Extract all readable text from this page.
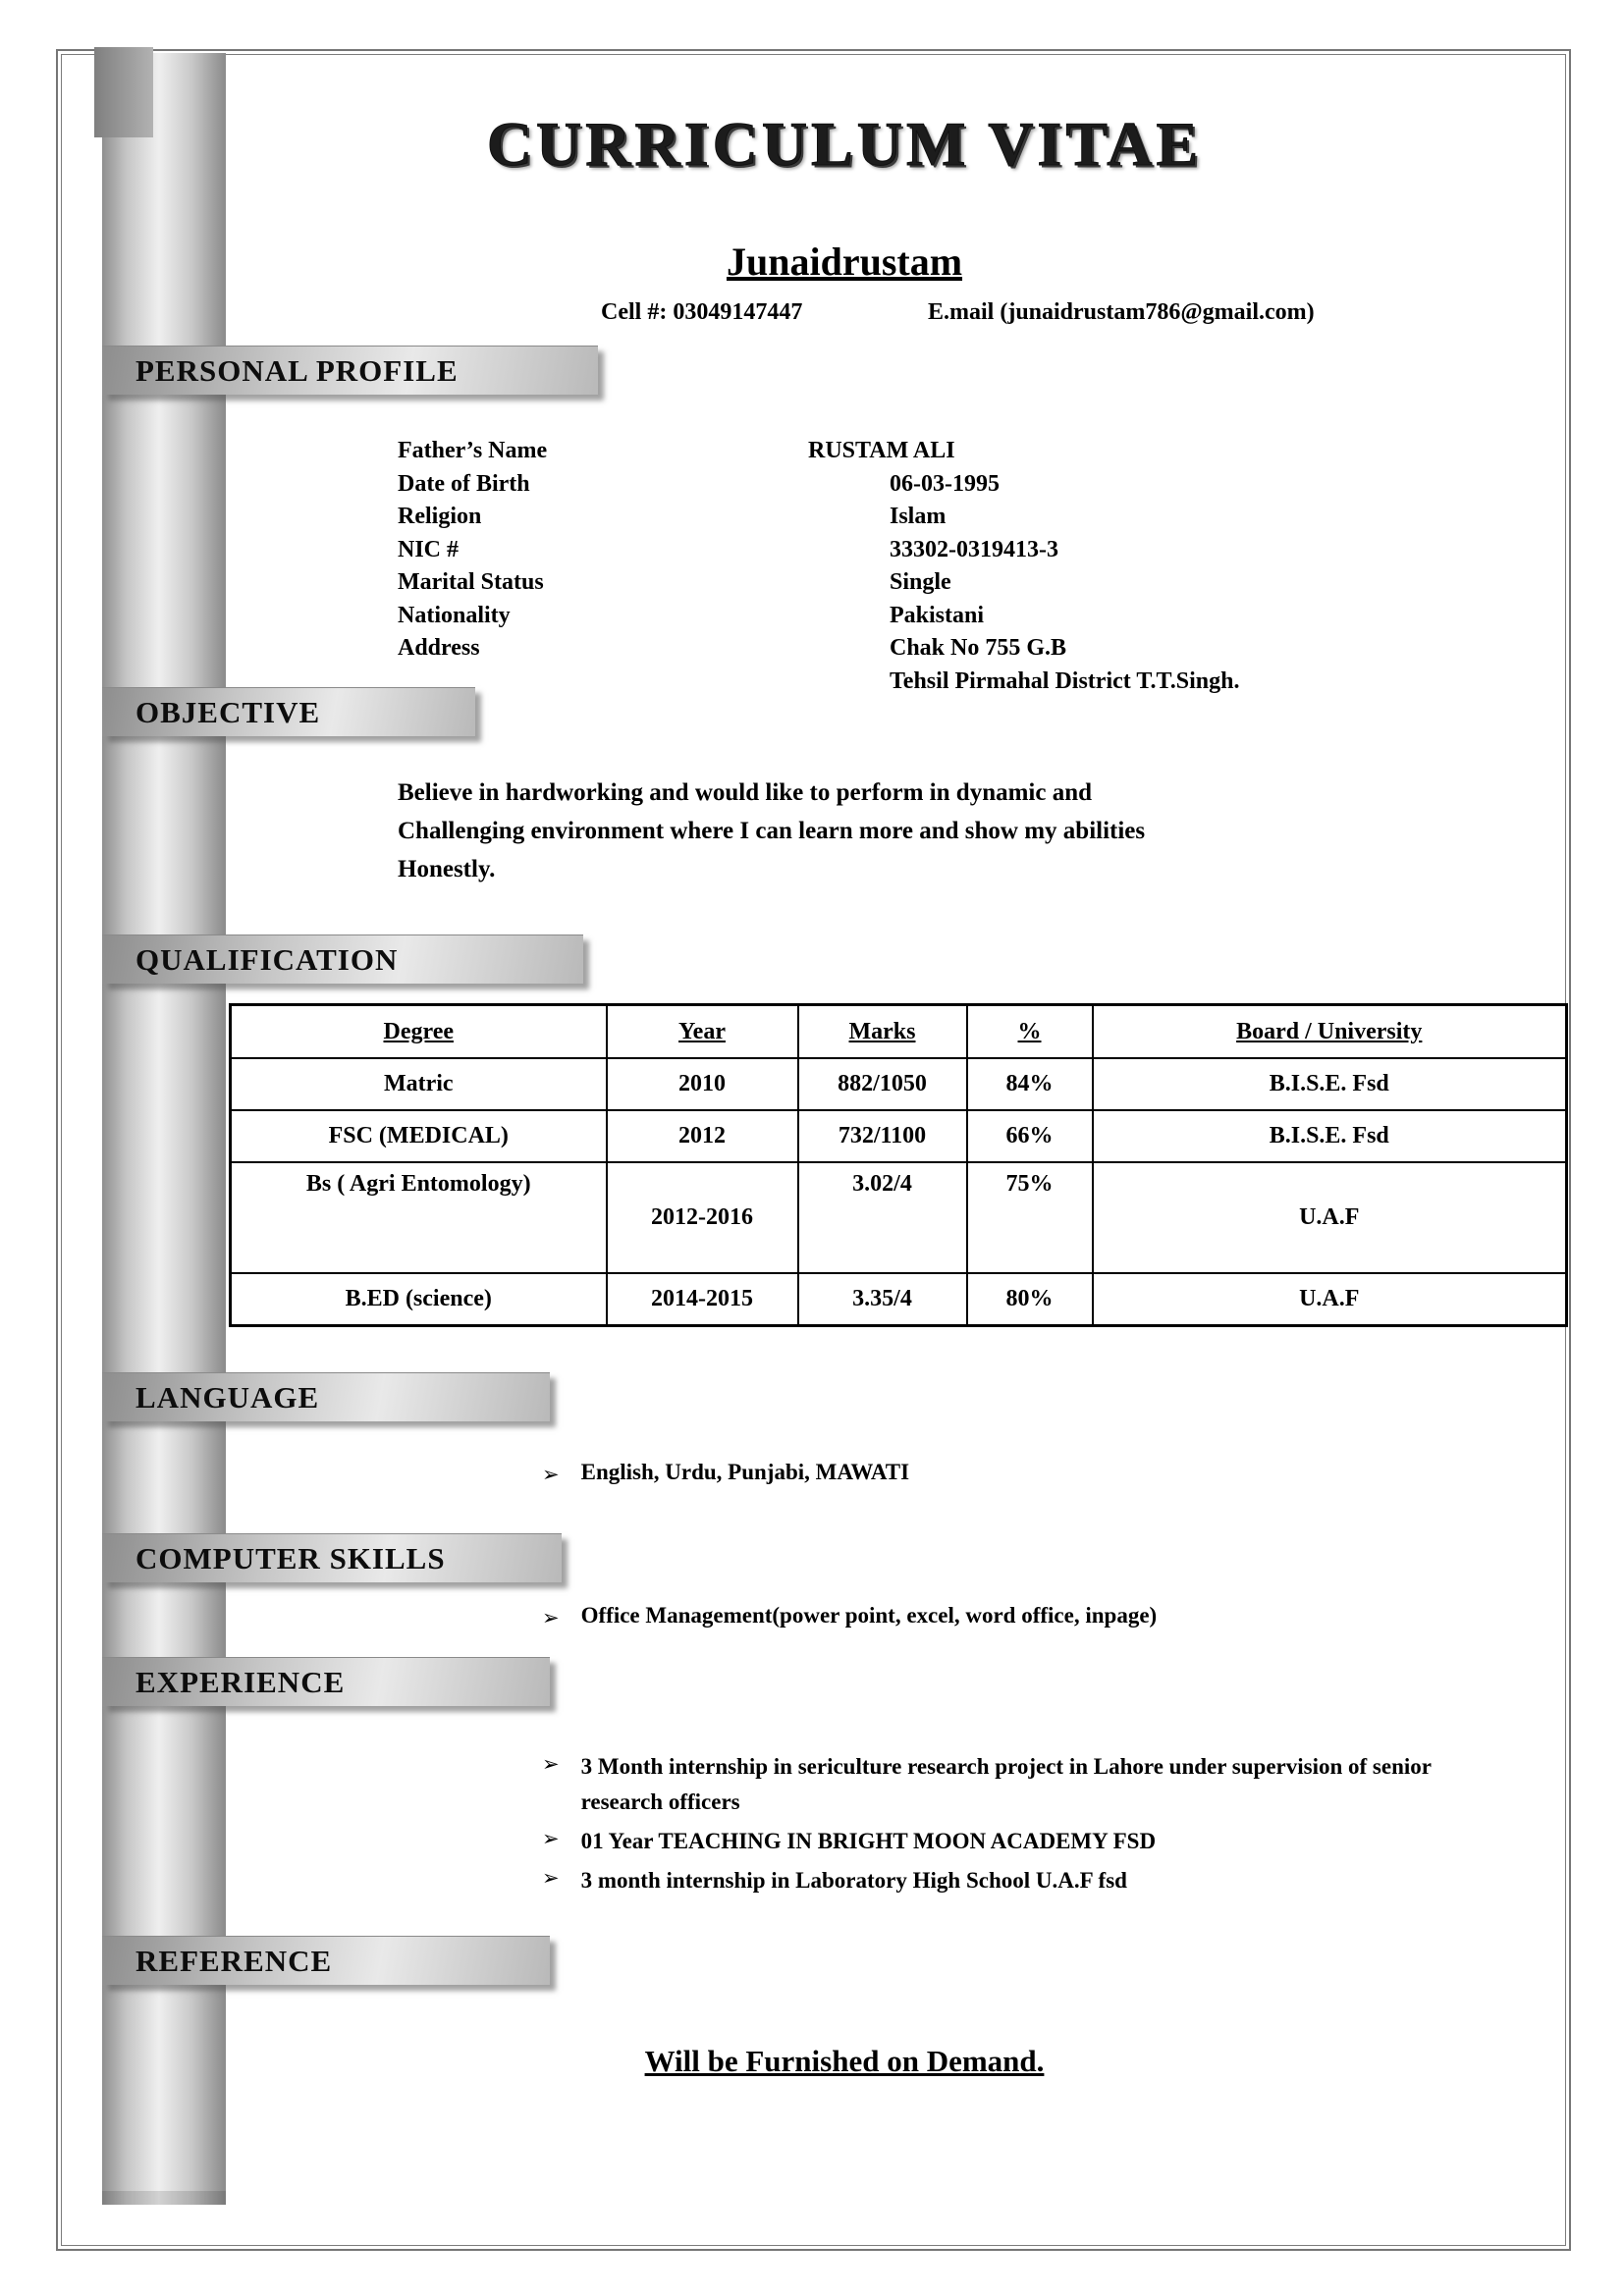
CURRICULUM VITAE
Junaidrustam
Cell #: 03049147447	E.mail (junaidrustam786@gmail.com)
PERSONAL PROFILE
Father’s Name	RUSTAM ALI
Date of Birth	06-03-1995
Religion	Islam
NIC #	33302-0319413-3
Marital Status	Single
Nationality	Pakistani
Address	Chak No 755 G.B
Tehsil Pirmahal District T.T.Singh.
OBJECTIVE
Believe in hardworking and would like to perform in dynamic and
Challenging environment where I can learn more and show my abilities
Honestly.
QUALIFICATION
Degree	Year	Marks	%	Board / University
Matric	2010	882/1050	84%	B.I.S.E. Fsd
FSC (MEDICAL)	2012	732/1100	66%	B.I.S.E. Fsd
Bs ( Agri Entomology)	2012-2016	3.02/4	75%	U.A.F
B.ED (science)	2014-2015	3.35/4	80%	U.A.F
LANGUAGE
➢ English, Urdu, Punjabi, MAWATI
COMPUTER SKILLS
➢ Office Management(power point, excel, word office, inpage)
EXPERIENCE
➢ 3 Month internship in sericulture research project in Lahore under supervision of senior research officers
➢ 01 Year TEACHING IN BRIGHT MOON ACADEMY FSD
➢ 3 month internship in Laboratory High School U.A.F fsd
REFERENCE
Will be Furnished on Demand.
